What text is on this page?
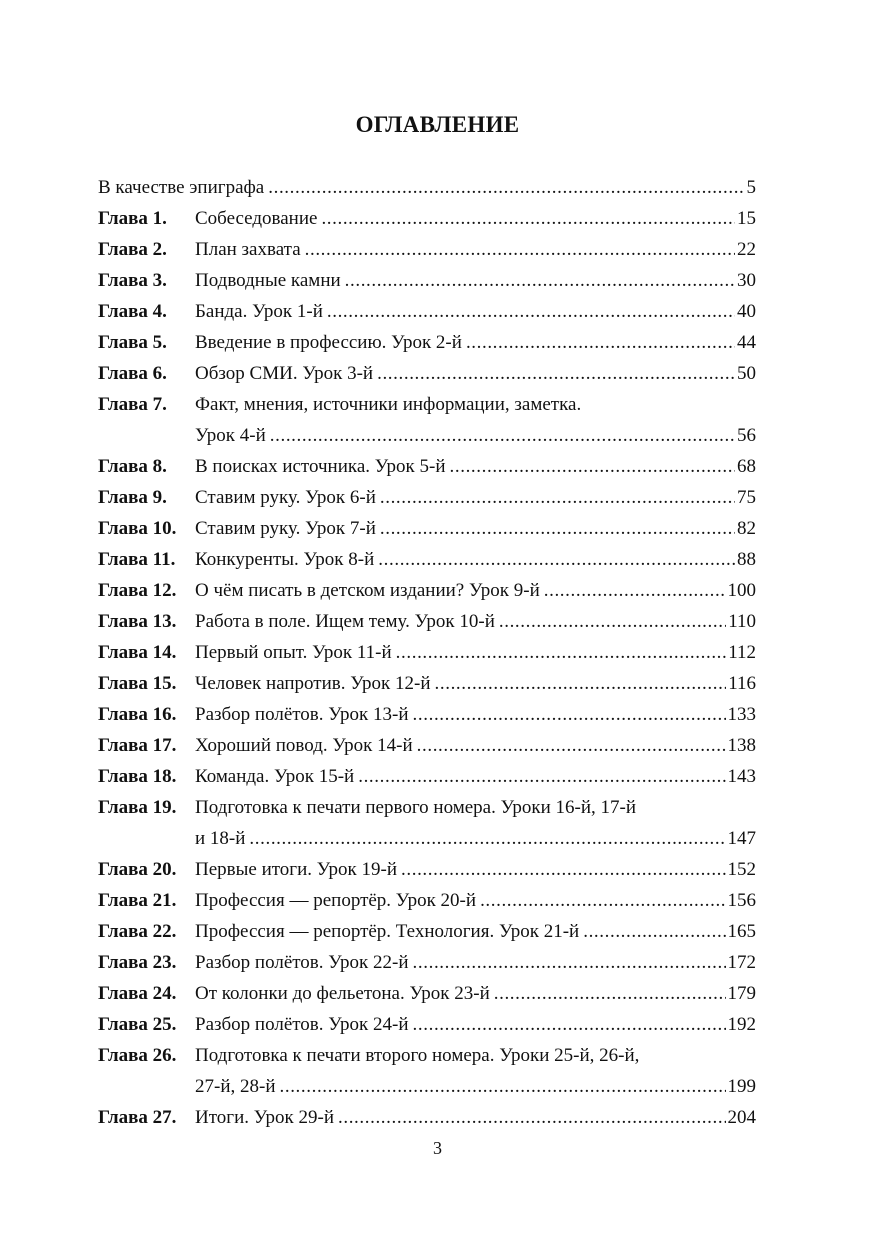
ОГЛАВЛЕНИЕ
В качестве эпиграфа .....	5
Глава 1.	Собеседование .....	15
Глава 2.	План захвата .....	22
Глава 3.	Подводные камни .....	30
Глава 4.	Банда. Урок 1-й .....	40
Глава 5.	Введение в профессию. Урок 2-й .....	44
Глава 6.	Обзор СМИ. Урок 3-й .....	50
Глава 7.	Факт, мнения, источники информации, заметка.
Урок 4-й .....	56
Глава 8.	В поисках источника. Урок 5-й .....	68
Глава 9.	Ставим руку. Урок 6-й .....	75
Глава 10. Ставим руку. Урок 7-й .....	82
Глава 11.	Конкуренты. Урок 8-й .....	88
Глава 12. О чём писать в детском издании? Урок 9-й .....	100
Глава 13. Работа в поле. Ищем тему. Урок 10-й .....	110
Глава 14. Первый опыт. Урок 11-й .....	112
Глава 15. Человек напротив. Урок 12-й .....	116
Глава 16. Разбор полётов. Урок 13-й .....	133
Глава 17. Хороший повод. Урок 14-й .....	138
Глава 18. Команда. Урок 15-й .....	143
Глава 19. Подготовка к печати первого номера. Уроки 16-й, 17-й
и 18-й .....	147
Глава 20. Первые итоги. Урок 19-й .....	152
Глава 21. Профессия — репортёр. Урок 20-й .....	156
Глава 22. Профессия — репортёр. Технология. Урок 21-й .....	165
Глава 23. Разбор полётов. Урок 22-й .....	172
Глава 24. От колонки до фельетона. Урок 23-й .....	179
Глава 25. Разбор полётов. Урок 24-й .....	192
Глава 26. Подготовка к печати второго номера. Уроки 25-й, 26-й,
27-й, 28-й .....	199
Глава 27. Итоги. Урок 29-й .....	204
3
